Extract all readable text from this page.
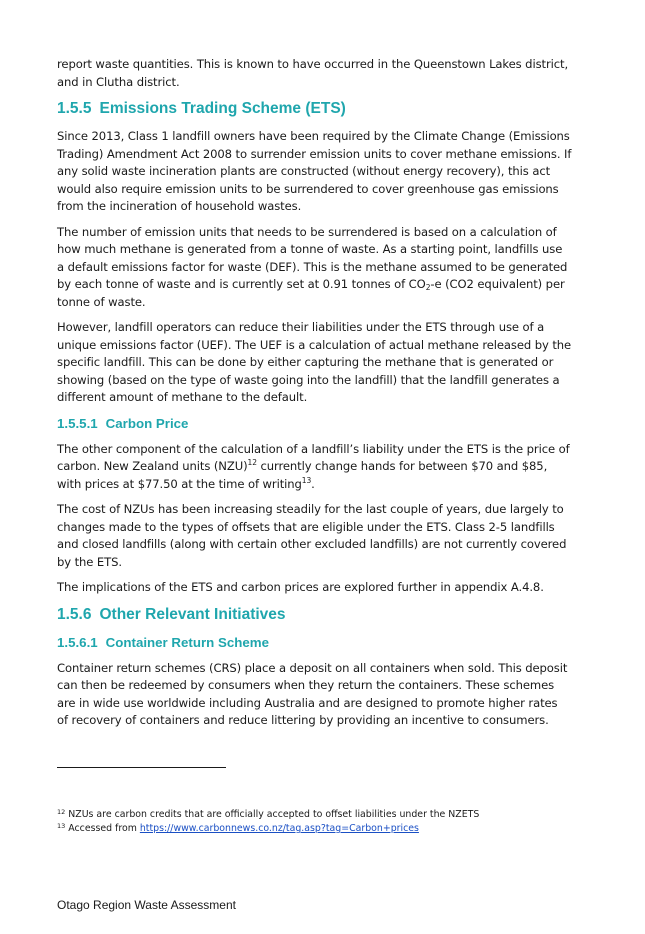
report waste quantities. This is known to have occurred in the Queenstown Lakes district, and in Clutha district.

1.5.5 Emissions Trading Scheme (ETS)

Since 2013, Class 1 landfill owners have been required by the Climate Change (Emissions Trading) Amendment Act 2008 to surrender emission units to cover methane emissions. If any solid waste incineration plants are constructed (without energy recovery), this act would also require emission units to be surrendered to cover greenhouse gas emissions from the incineration of household wastes.

The number of emission units that needs to be surrendered is based on a calculation of how much methane is generated from a tonne of waste. As a starting point, landfills use a default emissions factor for waste (DEF). This is the methane assumed to be generated by each tonne of waste and is currently set at 0.91 tonnes of $CO_2-e$ (CO2 equivalent) per tonne of waste.

However, landfill operators can reduce their liabilities under the ETS through use of a unique emissions factor (UEF). The UEF is a calculation of actual methane released by the specific landfill. This can be done by either capturing the methane that is generated or showing (based on the type of waste going into the landfill) that the landfill generates a different amount of methane to the default.

1.5.5.1 Carbon Price

The other component of the calculation of a landfill’s liability under the ETS is the price of carbon. New Zealand units (NZU)$^{12}$ currently change hands for between $70 and $85, with prices at $77.50 at the time of writing$^{13}$.

The cost of NZUs has been increasing steadily for the last couple of years, due largely to changes made to the types of offsets that are eligible under the ETS. Class 2-5 landfills and closed landfills (along with certain other excluded landfills) are not currently covered by the ETS.

The implications of the ETS and carbon prices are explored further in appendix A.4.8.

1.5.6 Other Relevant Initiatives
1.5.6.1 Container Return Scheme

Container return schemes (CRS) place a deposit on all containers when sold. This deposit can then be redeemed by consumers when they return the containers. These schemes are in wide use worldwide including Australia and are designed to promote higher rates of recovery of containers and reduce littering by providing an incentive to consumers.

$^{12}$ NZUs are carbon credits that are officially accepted to offset liabilities under the NZETS

$^{13}$ Accessed from https://www.carbonnews.co.nz/tag.asp?tag=Carbon+prices

Otago Region Waste Assessment
